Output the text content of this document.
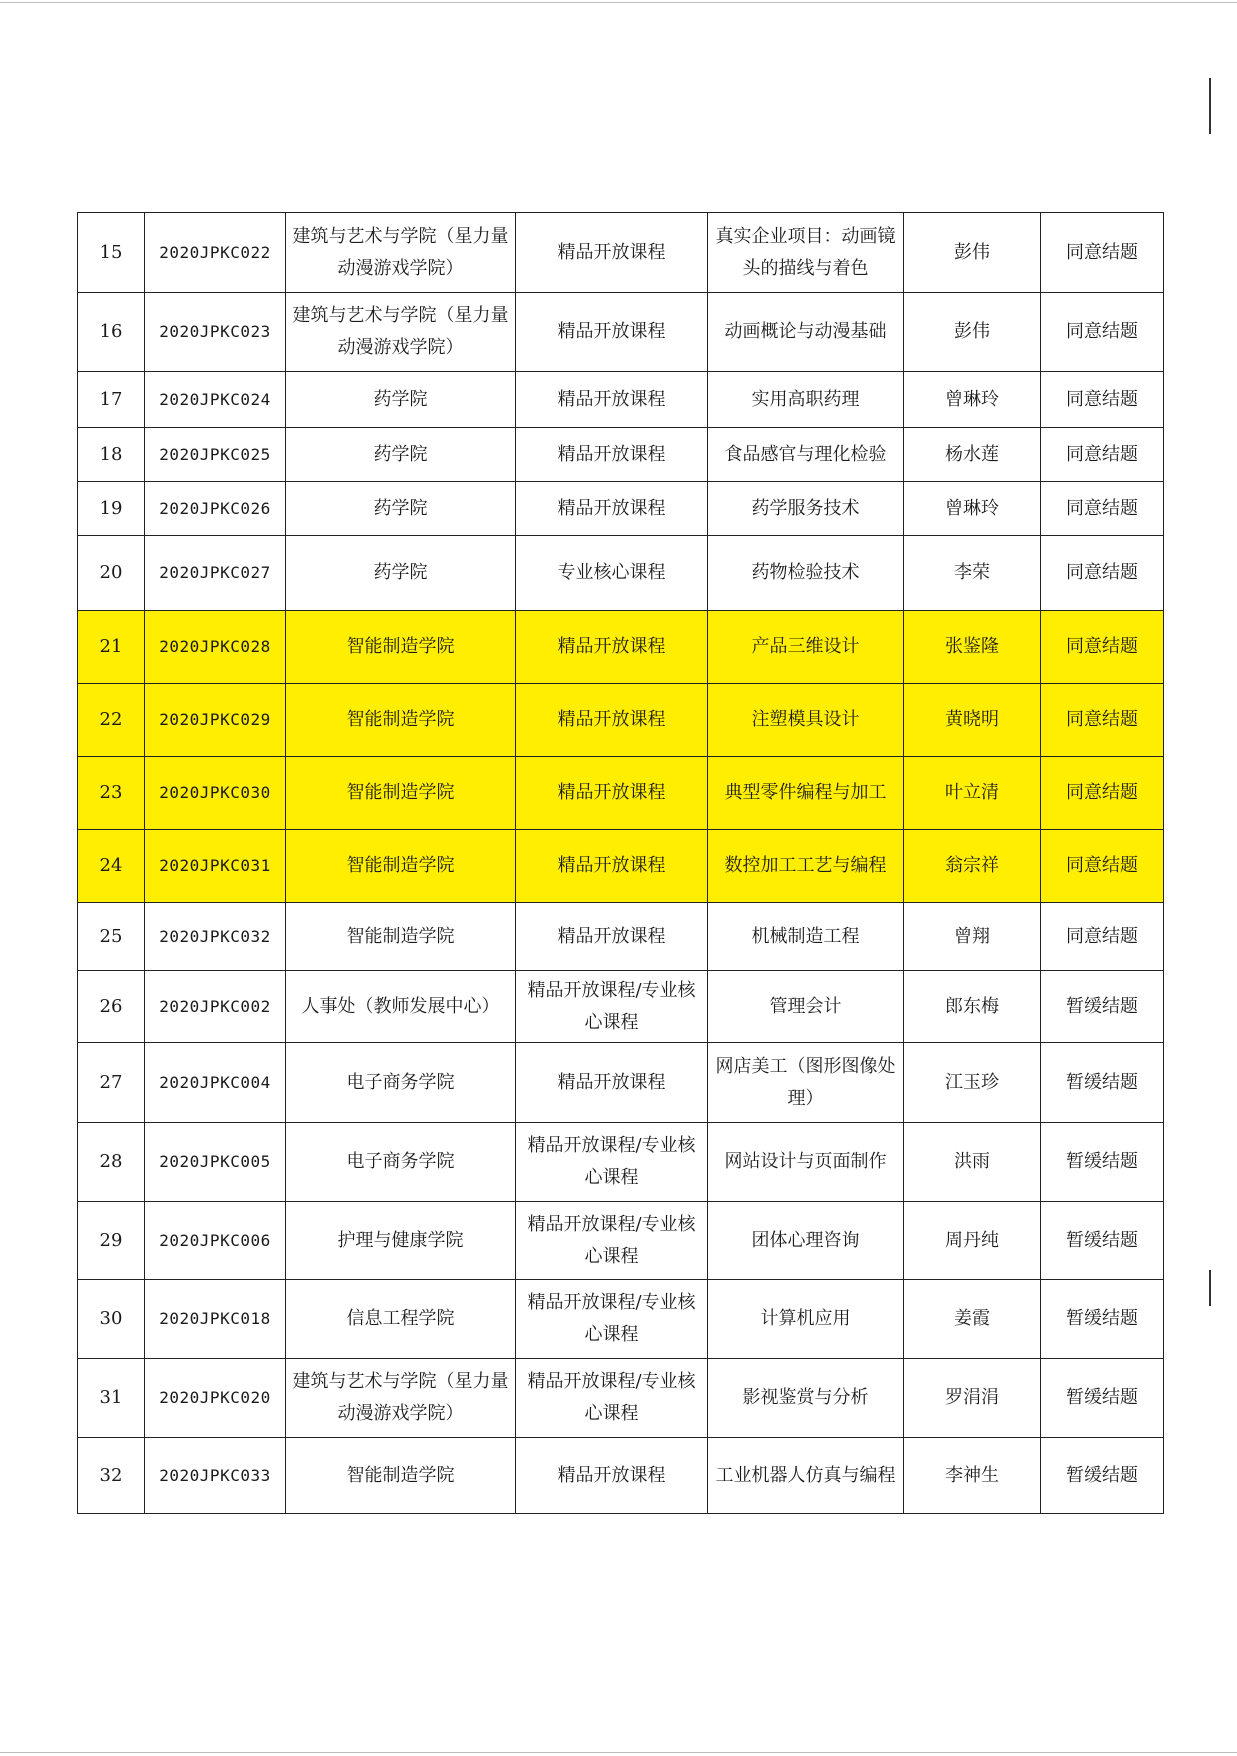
15	2020JPKC022	建筑与艺术与学院（星力量动漫游戏学院）	精品开放课程	真实企业项目：动画镜头的描线与着色	彭伟	同意结题
16	2020JPKC023	建筑与艺术与学院（星力量动漫游戏学院）	精品开放课程	动画概论与动漫基础	彭伟	同意结题
17	2020JPKC024	药学院	精品开放课程	实用高职药理	曾琳玲	同意结题
18	2020JPKC025	药学院	精品开放课程	食品感官与理化检验	杨水莲	同意结题
19	2020JPKC026	药学院	精品开放课程	药学服务技术	曾琳玲	同意结题
20	2020JPKC027	药学院	专业核心课程	药物检验技术	李荣	同意结题
21	2020JPKC028	智能制造学院	精品开放课程	产品三维设计	张鉴隆	同意结题
22	2020JPKC029	智能制造学院	精品开放课程	注塑模具设计	黄晓明	同意结题
23	2020JPKC030	智能制造学院	精品开放课程	典型零件编程与加工	叶立清	同意结题
24	2020JPKC031	智能制造学院	精品开放课程	数控加工工艺与编程	翁宗祥	同意结题
25	2020JPKC032	智能制造学院	精品开放课程	机械制造工程	曾翔	同意结题
26	2020JPKC002	人事处（教师发展中心）	精品开放课程/专业核心课程	管理会计	郎东梅	暂缓结题
27	2020JPKC004	电子商务学院	精品开放课程	网店美工（图形图像处理）	江玉珍	暂缓结题
28	2020JPKC005	电子商务学院	精品开放课程/专业核心课程	网站设计与页面制作	洪雨	暂缓结题
29	2020JPKC006	护理与健康学院	精品开放课程/专业核心课程	团体心理咨询	周丹纯	暂缓结题
30	2020JPKC018	信息工程学院	精品开放课程/专业核心课程	计算机应用	姜霞	暂缓结题
31	2020JPKC020	建筑与艺术与学院（星力量动漫游戏学院）	精品开放课程/专业核心课程	影视鉴赏与分析	罗涓涓	暂缓结题
32	2020JPKC033	智能制造学院	精品开放课程	工业机器人仿真与编程	李神生	暂缓结题
